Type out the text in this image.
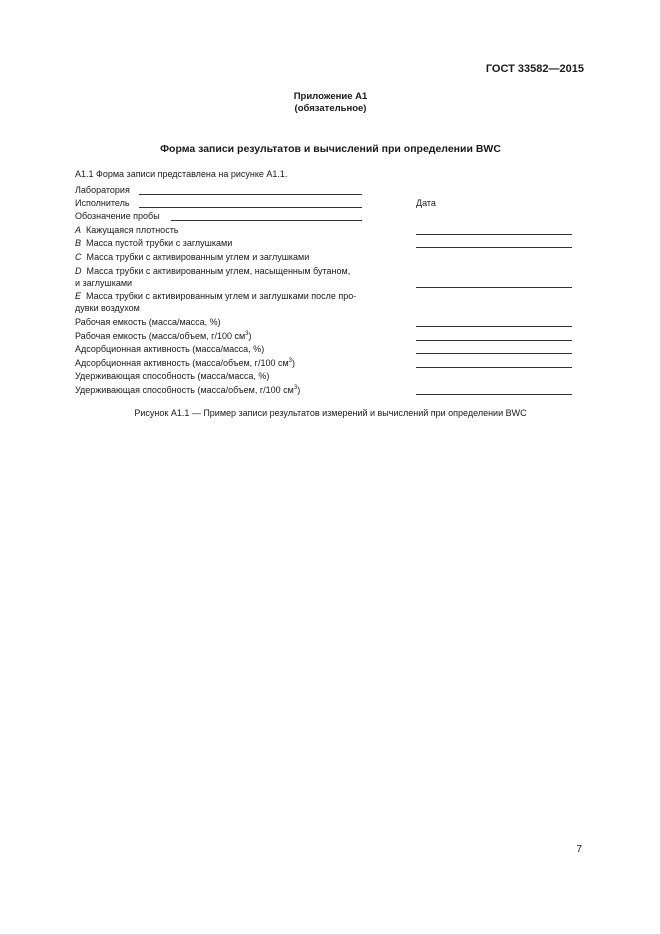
ГОСТ 33582—2015
Приложение А1
(обязательное)
Форма записи результатов и вычислений при определении BWC
А1.1 Форма записи представлена на рисунке А1.1.
Лаборатория
Исполнитель	Дата
Обозначение пробы
A Кажущаяся плотность
B Масса пустой трубки с заглушками
C Масса трубки с активированным углем и заглушками
D Масса трубки с активированным углем, насыщенным бутаном,
и заглушками
E Масса трубки с активированным углем и заглушками после про-
дувки воздухом
Рабочая емкость (масса/масса, %)
Рабочая емкость (масса/объем, г/100 $см^3$)
Адсорбционная активность (масса/масса, %)
Адсорбционная активность (масса/объем, г/100 $см^3$)
Удерживающая способность (масса/масса, %)
Удерживающая способность (масса/объем, г/100 $см^3$)
Рисунок А1.1 — Пример записи результатов измерений и вычислений при определении BWC
7
